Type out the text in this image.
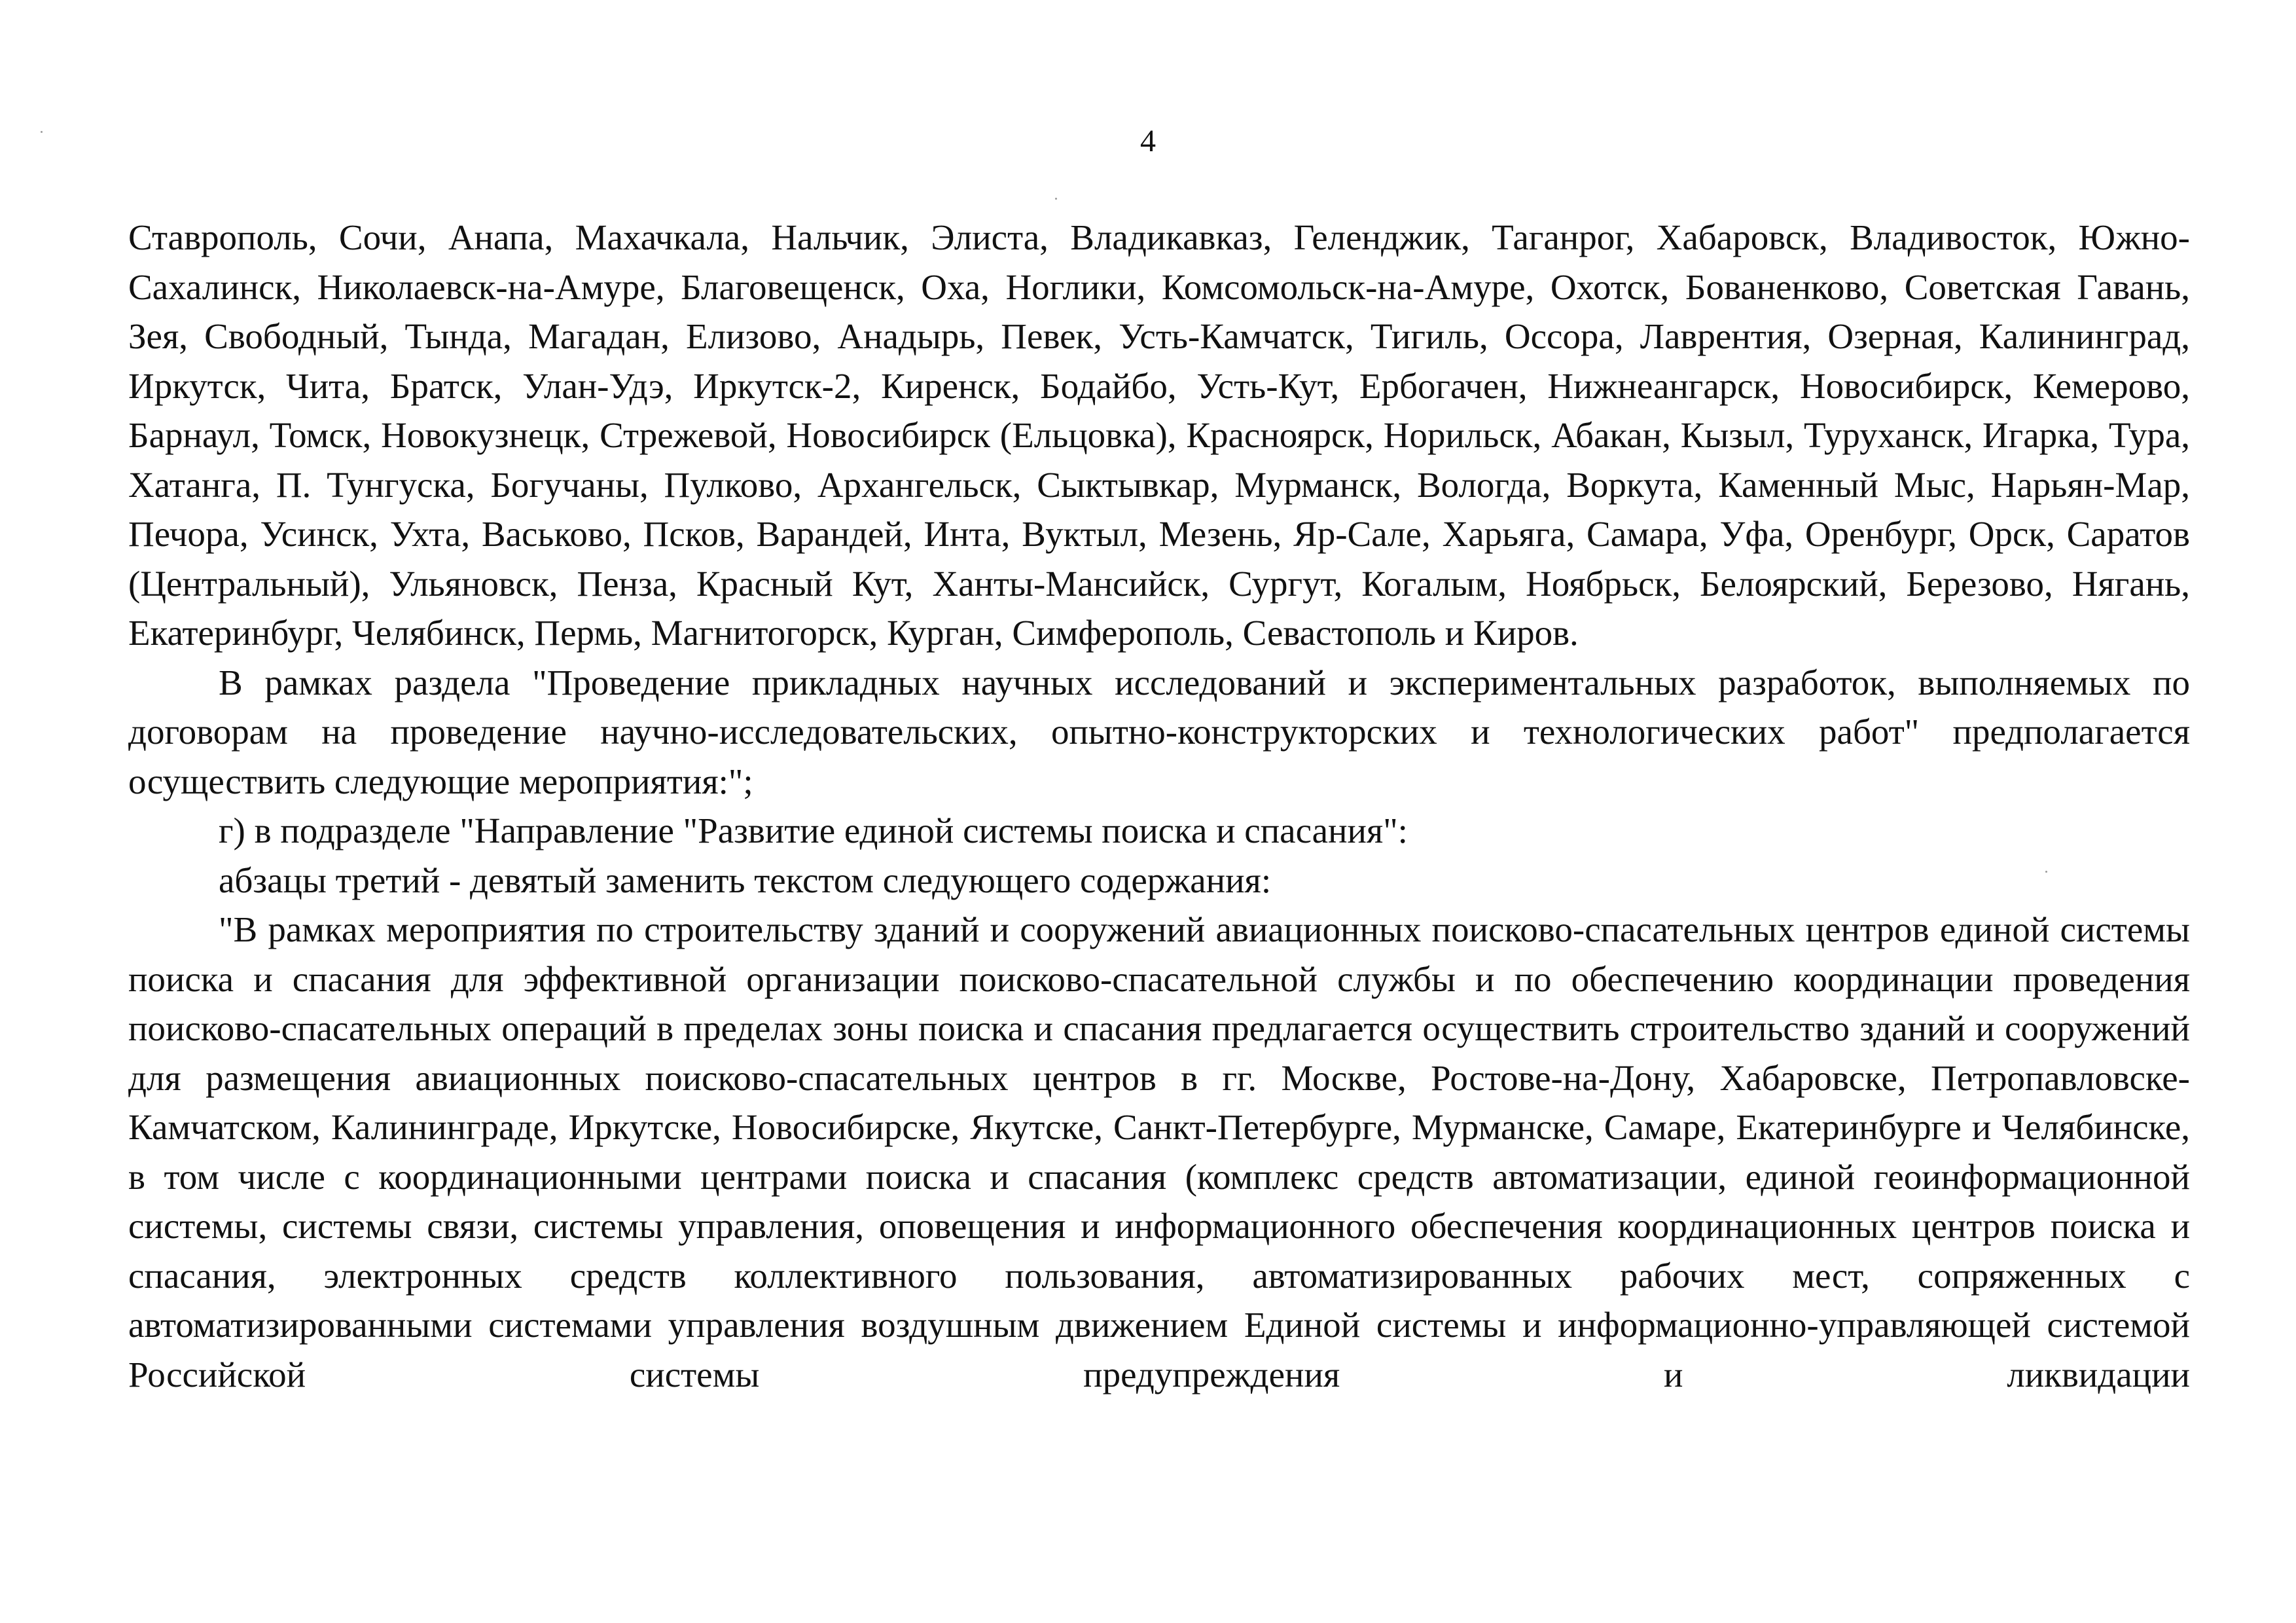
4

Ставрополь, Сочи, Анапа, Махачкала, Нальчик, Элиста, Владикавказ, Геленджик, Таганрог, Хабаровск, Владивосток, Южно-Сахалинск, Николаевск-на-Амуре, Благовещенск, Оха, Ноглики, Комсомольск-на-Амуре, Охотск, Бованенково, Советская Гавань, Зея, Свободный, Тында, Магадан, Елизово, Анадырь, Певек, Усть-Камчатск, Тигиль, Оссора, Лаврентия, Озерная, Калининград, Иркутск, Чита, Братск, Улан-Удэ, Иркутск-2, Киренск, Бодайбо, Усть-Кут, Ербогачен, Нижнеангарск, Новосибирск, Кемерово, Барнаул, Томск, Новокузнецк, Стрежевой, Новосибирск (Ельцовка), Красноярск, Норильск, Абакан, Кызыл, Туруханск, Игарка, Тура, Хатанга, П. Тунгуска, Богучаны, Пулково, Архангельск, Сыктывкар, Мурманск, Вологда, Воркута, Каменный Мыс, Нарьян-Мар, Печора, Усинск, Ухта, Васьково, Псков, Варандей, Инта, Вуктыл, Мезень, Яр-Сале, Харьяга, Самара, Уфа, Оренбург, Орск, Саратов (Центральный), Ульяновск, Пенза, Красный Кут, Ханты-Мансийск, Сургут, Когалым, Ноябрьск, Белоярский, Березово, Нягань, Екатеринбург, Челябинск, Пермь, Магнитогорск, Курган, Симферополь, Севастополь и Киров.

В рамках раздела "Проведение прикладных научных исследований и экспериментальных разработок, выполняемых по договорам на проведение научно-исследовательских, опытно-конструкторских и технологических работ" предполагается осуществить следующие мероприятия:";

г) в подразделе "Направление "Развитие единой системы поиска и спасания":

абзацы третий - девятый заменить текстом следующего содержания:

"В рамках мероприятия по строительству зданий и сооружений авиационных поисково-спасательных центров единой системы поиска и спасания для эффективной организации поисково-спасательной службы и по обеспечению координации проведения поисково-спасательных операций в пределах зоны поиска и спасания предлагается осуществить строительство зданий и сооружений для размещения авиационных поисково-спасательных центров в гг. Москве, Ростове-на-Дону, Хабаровске, Петропавловске-Камчатском, Калининграде, Иркутске, Новосибирске, Якутске, Санкт-Петербурге, Мурманске, Самаре, Екатеринбурге и Челябинске, в том числе с координационными центрами поиска и спасания (комплекс средств автоматизации, единой геоинформационной системы, системы связи, системы управления, оповещения и информационного обеспечения координационных центров поиска и спасания, электронных средств коллективного пользования, автоматизированных рабочих мест, сопряженных с автоматизированными системами управления воздушным движением Единой системы и информационно-управляющей системой Российской системы предупреждения и ликвидации
